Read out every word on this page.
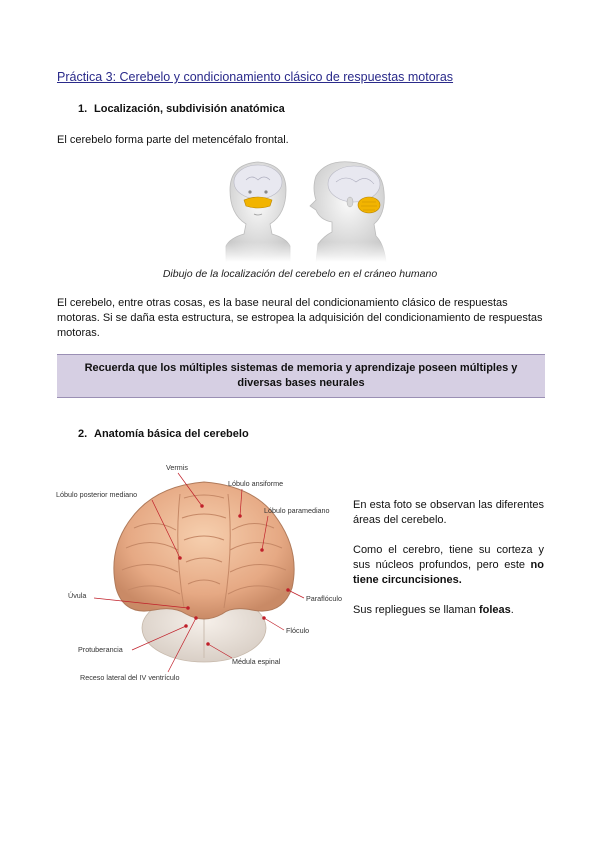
Práctica 3: Cerebelo y condicionamiento clásico de respuestas motoras
1. Localización, subdivisión anatómica
El cerebelo forma parte del metencéfalo frontal.
Dibujo de la localización del cerebelo en el cráneo humano
El cerebelo, entre otras cosas, es la base neural del condicionamiento clásico de respuestas motoras. Si se daña esta estructura, se estropea la adquisición del condicionamiento de respuestas motoras.
Recuerda que los múltiples sistemas de memoria y aprendizaje poseen múltiples y diversas bases neurales
2. Anatomía básica del cerebelo
Vermis
Lóbulo ansiforme
Lóbulo posterior mediano
Lóbulo paramediano
Úvula	Paraflóculo
Flóculo
Protuberancia
Médula espinal
Receso lateral del IV ventrículo
En esta foto se observan las diferentes áreas del cerebelo.
Como el cerebro, tiene su corteza y sus núcleos profundos, pero este no tiene circuncisiones.
Sus repliegues se llaman foleas.
